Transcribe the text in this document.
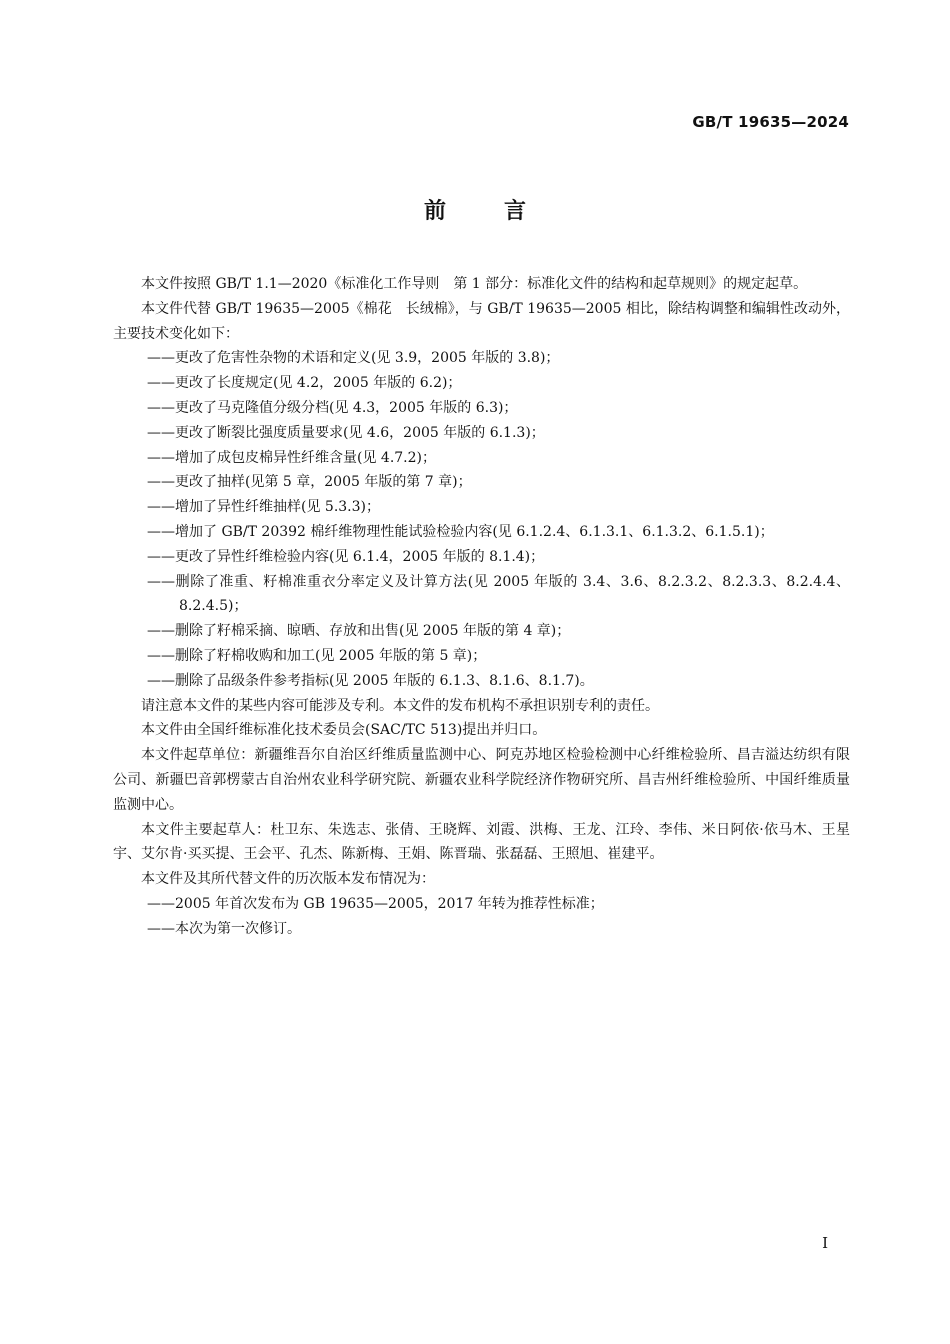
GB/T 19635—2024
前言

本文件按照 GB/T 1.1—2020《标准化工作导则　第 1 部分：标准化文件的结构和起草规则》的规定起草。

本文件代替 GB/T 19635—2005《棉花　长绒棉》，与 GB/T 19635—2005 相比，除结构调整和编辑性改动外，主要技术变化如下：

——更改了危害性杂物的术语和定义(见 3.9，2005 年版的 3.8)；

——更改了长度规定(见 4.2，2005 年版的 6.2)；

——更改了马克隆值分级分档(见 4.3，2005 年版的 6.3)；

——更改了断裂比强度质量要求(见 4.6，2005 年版的 6.1.3)；

——增加了成包皮棉异性纤维含量(见 4.7.2)；

——更改了抽样(见第 5 章，2005 年版的第 7 章)；

——增加了异性纤维抽样(见 5.3.3)；

——增加了 GB/T 20392 棉纤维物理性能试验检验内容(见 6.1.2.4、6.1.3.1、6.1.3.2、6.1.5.1)；

——更改了异性纤维检验内容(见 6.1.4，2005 年版的 8.1.4)；

——删除了准重、籽棉准重衣分率定义及计算方法(见 2005 年版的 3.4、3.6、8.2.3.2、8.2.3.3、8.2.4.4、8.2.4.5)；

——删除了籽棉采摘、晾晒、存放和出售(见 2005 年版的第 4 章)；

——删除了籽棉收购和加工(见 2005 年版的第 5 章)；

——删除了品级条件参考指标(见 2005 年版的 6.1.3、8.1.6、8.1.7)。

请注意本文件的某些内容可能涉及专利。本文件的发布机构不承担识别专利的责任。

本文件由全国纤维标准化技术委员会(SAC/TC 513)提出并归口。

本文件起草单位：新疆维吾尔自治区纤维质量监测中心、阿克苏地区检验检测中心纤维检验所、昌吉溢达纺织有限公司、新疆巴音郭楞蒙古自治州农业科学研究院、新疆农业科学院经济作物研究所、昌吉州纤维检验所、中国纤维质量监测中心。

本文件主要起草人：杜卫东、朱选志、张倩、王晓辉、刘霞、洪梅、王龙、江玲、李伟、米日阿依·依马木、王星宇、艾尔肯·买买提、王会平、孔杰、陈新梅、王娟、陈晋瑞、张磊磊、王照旭、崔建平。

本文件及其所代替文件的历次版本发布情况为：

——2005 年首次发布为 GB 19635—2005，2017 年转为推荐性标准；

——本次为第一次修订。

I
